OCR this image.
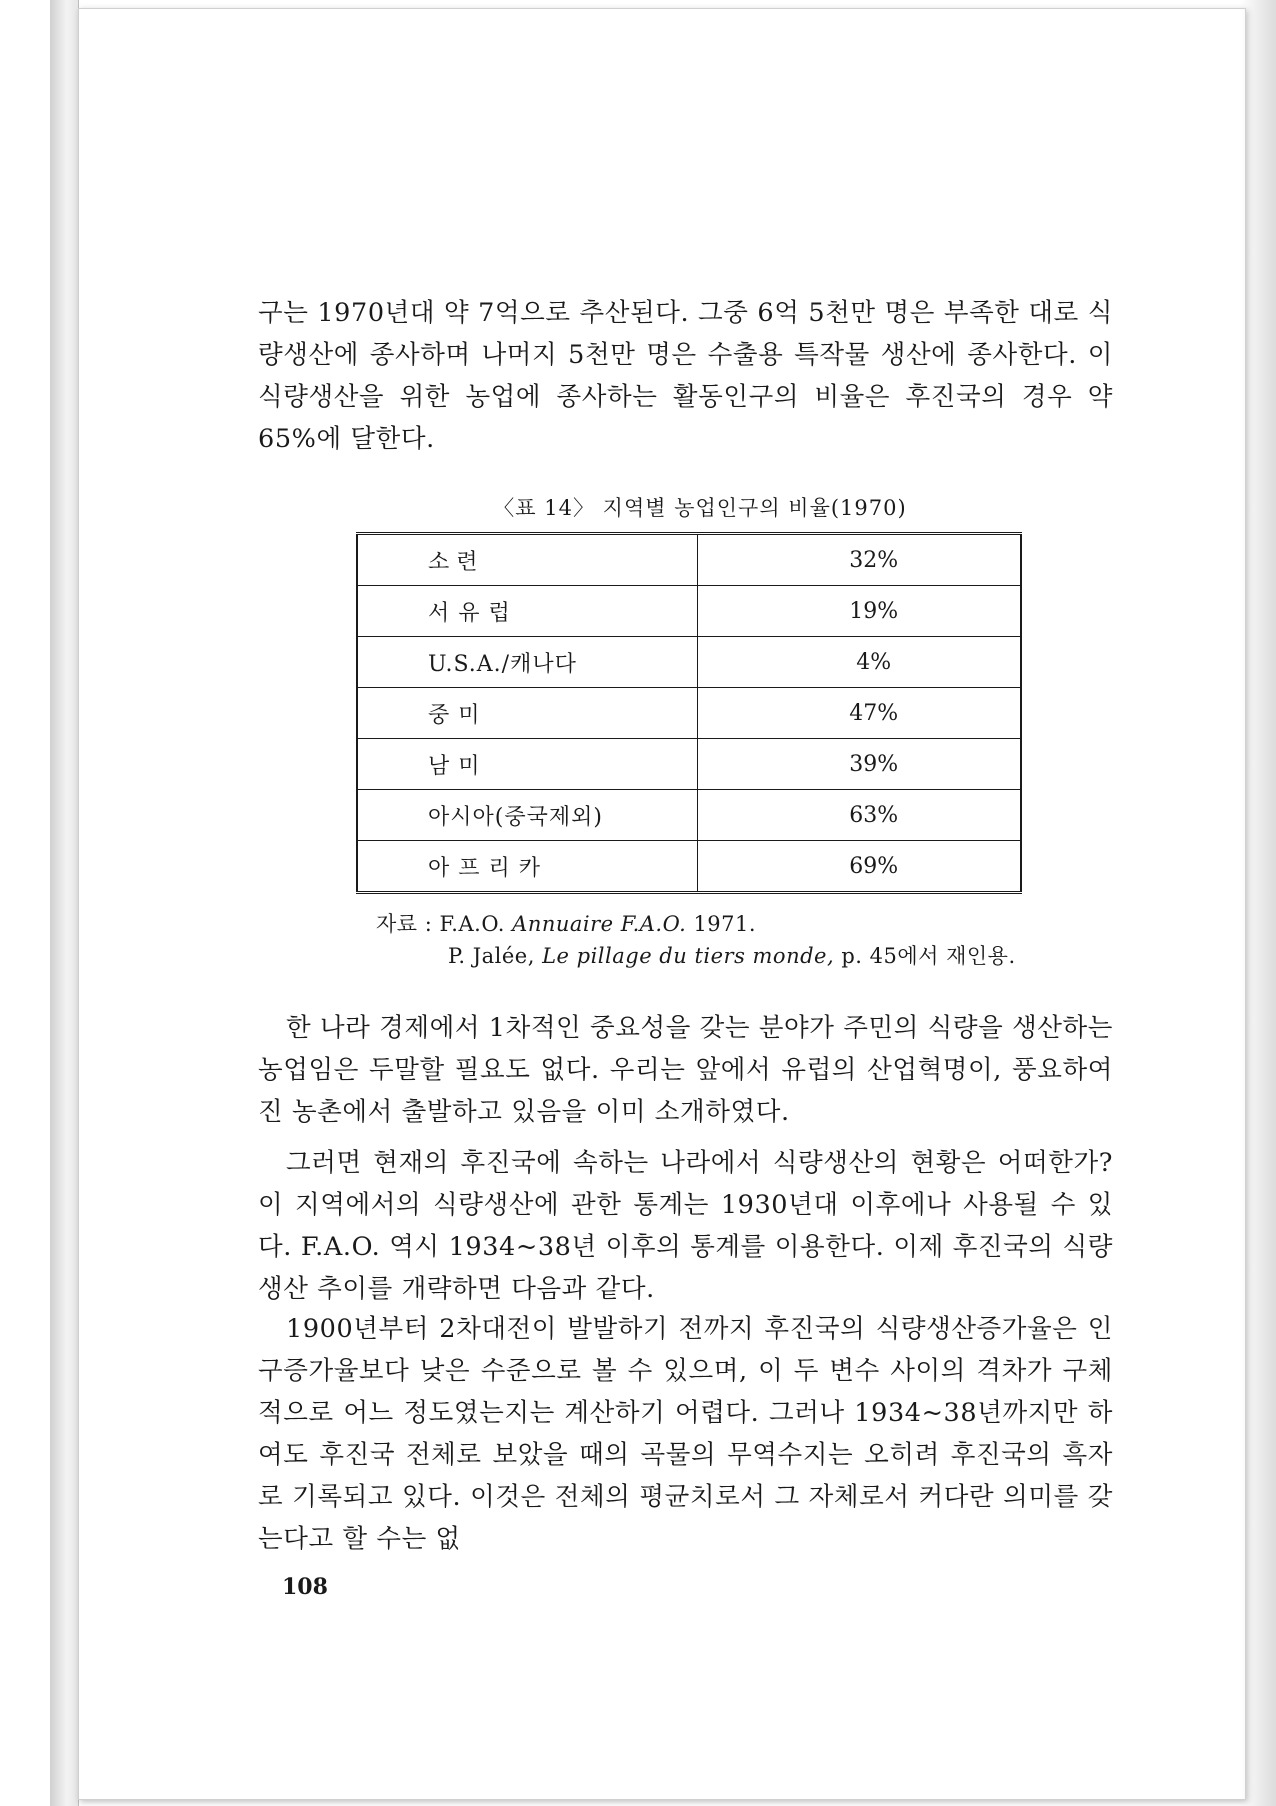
구는 1970년대 약 7억으로 추산된다. 그중 6억 5천만 명은 부족한 대로 식량생산에 종사하며 나머지 5천만 명은 수출용 특작물 생산에 종사한다. 이 식량생산을 위한 농업에 종사하는 활동인구의 비율은 후진국의 경우 약 65%에 달한다.

〈표 14〉 지역별 농업인구의 비율(1970)
소 련	32%
서 유 럽	19%
U.S.A./캐나다	4%
중 미	47%
남 미	39%
아시아(중국제외)	63%
아 프 리 카	69%
자료 : F.A.O. Annuaire F.A.O. 1971.
P. Jalée, Le pillage du tiers monde, p. 45에서 재인용.

한 나라 경제에서 1차적인 중요성을 갖는 분야가 주민의 식량을 생산하는 농업임은 두말할 필요도 없다. 우리는 앞에서 유럽의 산업혁명이, 풍요하여진 농촌에서 출발하고 있음을 이미 소개하였다.

그러면 현재의 후진국에 속하는 나라에서 식량생산의 현황은 어떠한가? 이 지역에서의 식량생산에 관한 통계는 1930년대 이후에나 사용될 수 있다. F.A.O. 역시 1934~38년 이후의 통계를 이용한다. 이제 후진국의 식량생산 추이를 개략하면 다음과 같다.

1900년부터 2차대전이 발발하기 전까지 후진국의 식량생산증가율은 인구증가율보다 낮은 수준으로 볼 수 있으며, 이 두 변수 사이의 격차가 구체적으로 어느 정도였는지는 계산하기 어렵다. 그러나 1934~38년까지만 하여도 후진국 전체로 보았을 때의 곡물의 무역수지는 오히려 후진국의 흑자로 기록되고 있다. 이것은 전체의 평균치로서 그 자체로서 커다란 의미를 갖는다고 할 수는 없

108
